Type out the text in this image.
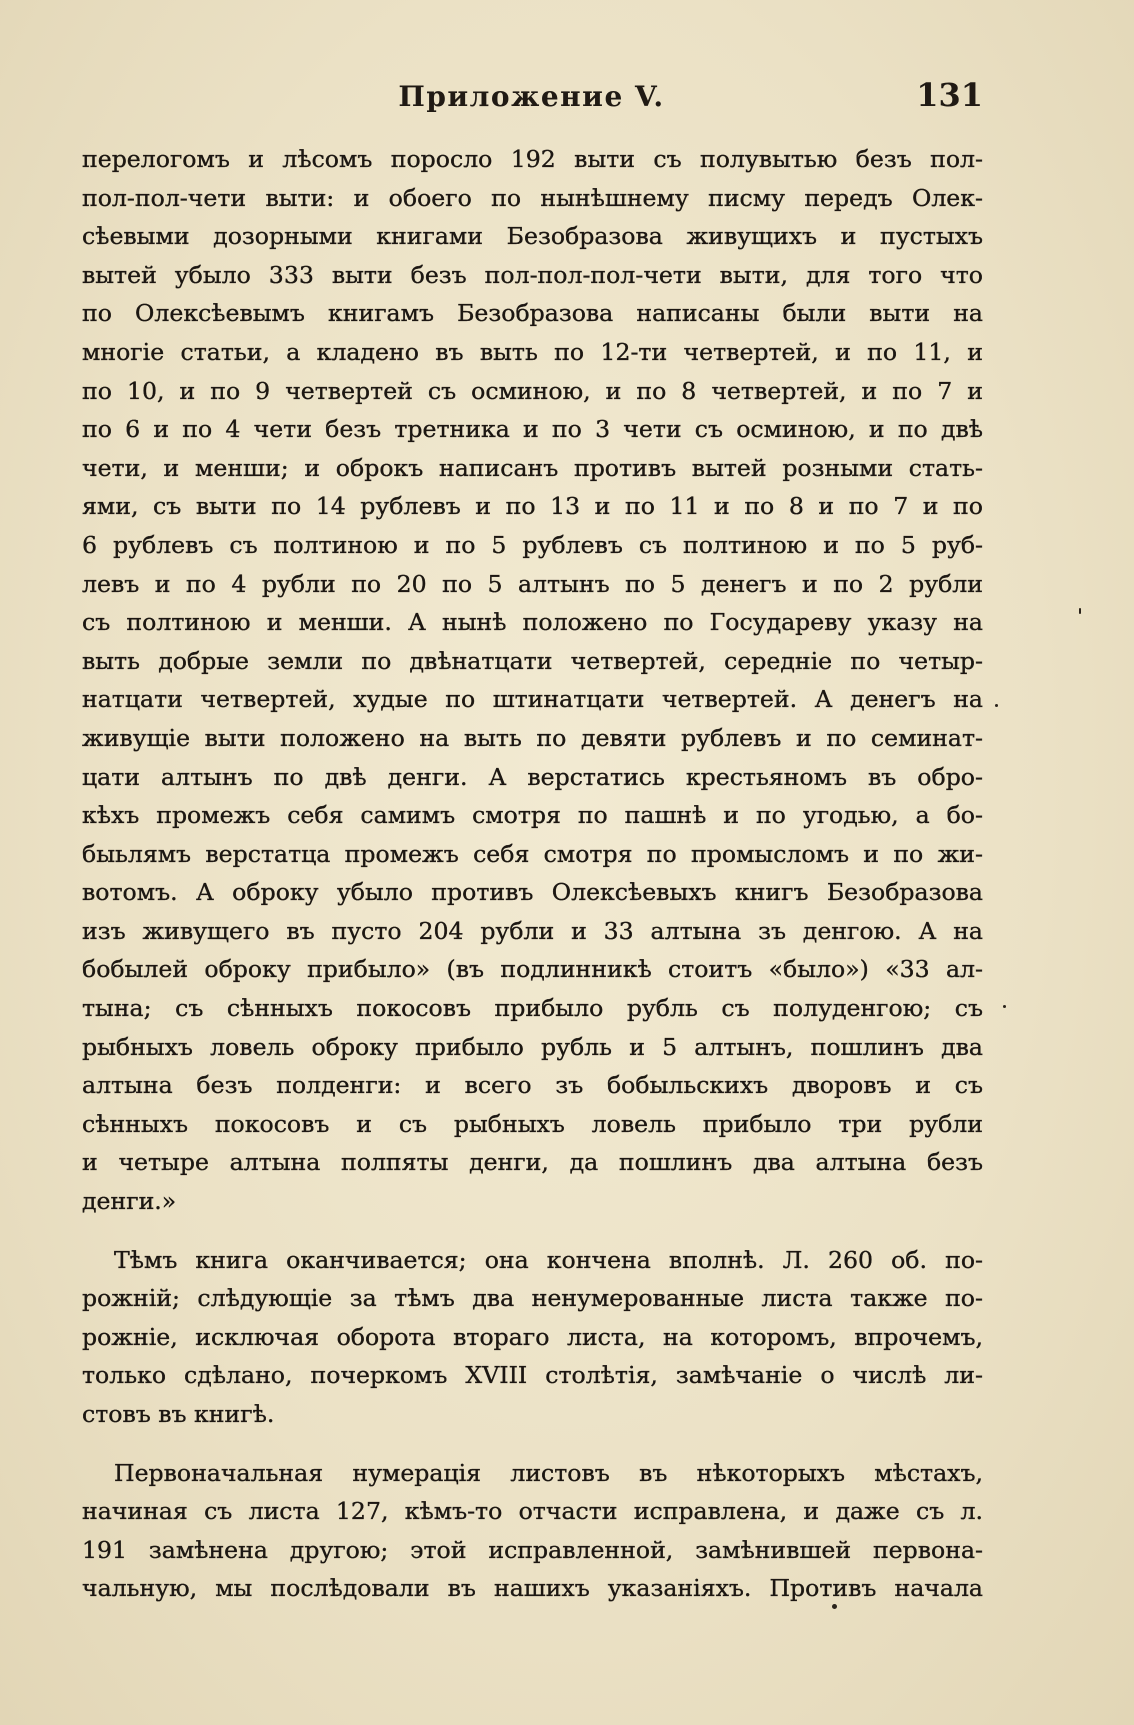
Приложение V.	131
перелогомъ и лѣсомъ поросло 192 выти съ полувытью безъ пол-
пол-пол-чети выти: и обоего по нынѣшнему писму передъ Олек-
сѣевыми дозорными книгами Безобразова живущихъ и пустыхъ
вытей убыло 333 выти безъ пол-пол-пол-чети выти, для того что
по Олексѣевымъ книгамъ Безобразова написаны были выти на
многіе статьи, а кладено въ выть по 12-ти четвертей, и по 11, и
по 10, и по 9 четвертей съ осминою, и по 8 четвертей, и по 7 и
по 6 и по 4 чети безъ третника и по 3 чети съ осминою, и по двѣ
чети, и менши; и оброкъ написанъ противъ вытей розными стать-
ями, съ выти по 14 рублевъ и по 13 и по 11 и по 8 и по 7 и по
6 рублевъ съ полтиною и по 5 рублевъ съ полтиною и по 5 руб-
левъ и по 4 рубли по 20 по 5 алтынъ по 5 денегъ и по 2 рубли
съ полтиною и менши. А нынѣ положено по Государеву указу на
выть добрые земли по двѣнатцати четвертей, середніе по четыр-
натцати четвертей, худые по штинатцати четвертей. А денегъ на
живущіе выти положено на выть по девяти рублевъ и по семинат-
цати алтынъ по двѣ денги. А верстатись крестьяномъ въ обро-
кѣхъ промежъ себя самимъ смотря по пашнѣ и по угодью, а бо-
быьлямъ верстатца промежъ себя смотря по промысломъ и по жи-
вотомъ. А оброку убыло противъ Олексѣевыхъ книгъ Безобразова
изъ живущего въ пусто 204 рубли и 33 алтына зъ денгою. А на
бобылей оброку прибыло» (въ подлинникѣ стоитъ «было») «33 ал-
тына; съ сѣнныхъ покосовъ прибыло рубль съ полуденгою; съ
рыбныхъ ловель оброку прибыло рубль и 5 алтынъ, пошлинъ два
алтына безъ полденги: и всего зъ бобыльскихъ дворовъ и съ
сѣнныхъ покосовъ и съ рыбныхъ ловель прибыло три рубли
и четыре алтына полпяты денги, да пошлинъ два алтына безъ
денги.»
Тѣмъ книга оканчивается; она кончена вполнѣ. Л. 260 об. по-
рожній; слѣдующіе за тѣмъ два ненумерованные листа также по-
рожніе, исключая оборота втораго листа, на которомъ, впрочемъ,
только сдѣлано, почеркомъ XVIII столѣтія, замѣчаніе о числѣ ли-
стовъ въ книгѣ.
Первоначальная нумерація листовъ въ нѣкоторыхъ мѣстахъ,
начиная съ листа 127, кѣмъ-то отчасти исправлена, и даже съ л.
191 замѣнена другою; этой исправленной, замѣнившей первона-
чальную, мы послѣдовали въ нашихъ указаніяхъ. Противъ начала
